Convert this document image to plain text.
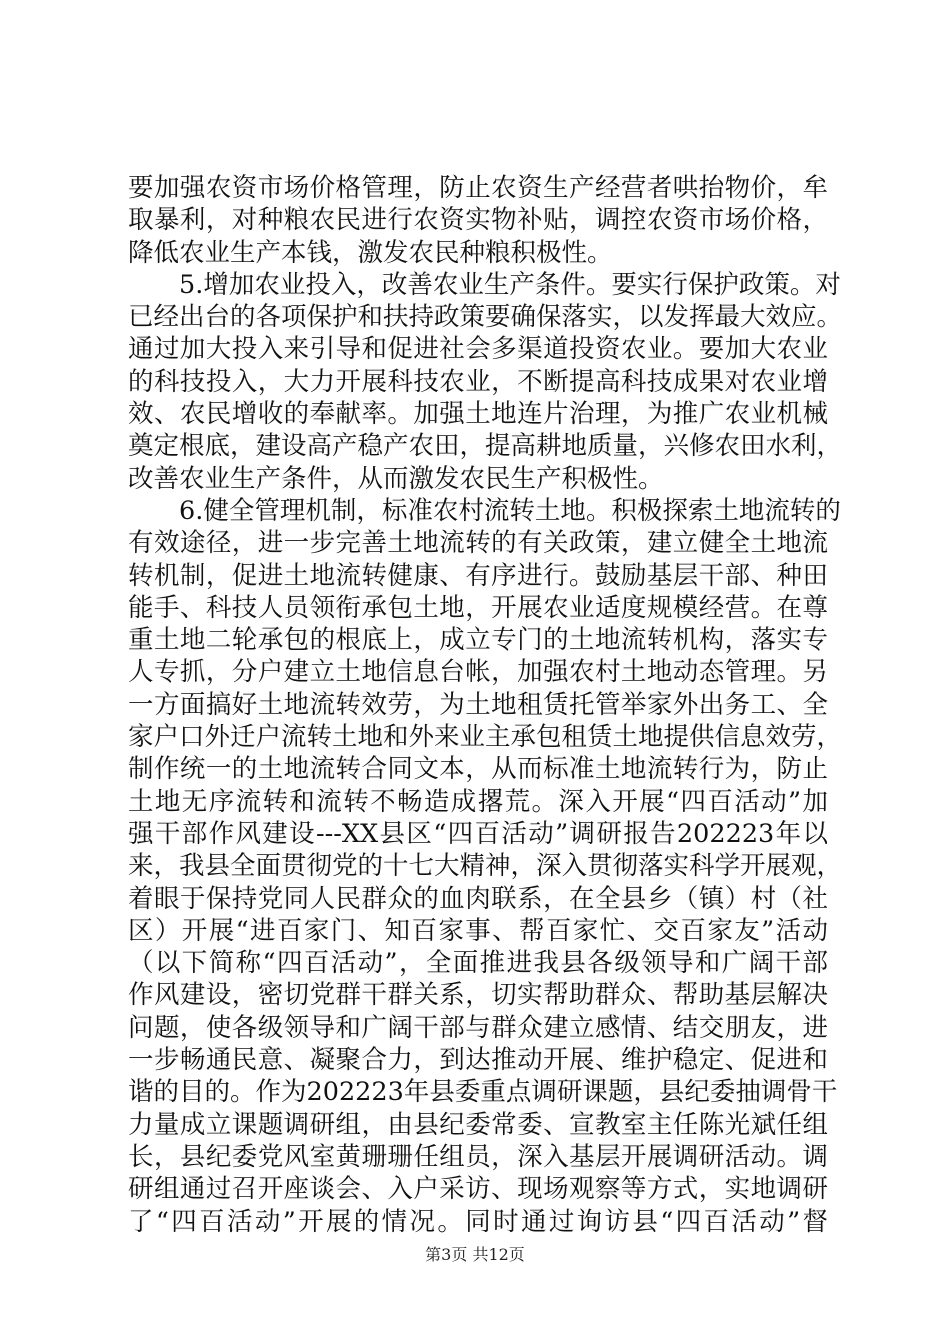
要加强农资市场价格管理，防止农资生产经营者哄抬物价，牟
取暴利，对种粮农民进行农资实物补贴，调控农资市场价格，
降低农业生产本钱，激发农民种粮积极性。
　　5.增加农业投入，改善农业生产条件。要实行保护政策。对
已经出台的各项保护和扶持政策要确保落实，以发挥最大效应。
通过加大投入来引导和促进社会多渠道投资农业。要加大农业
的科技投入，大力开展科技农业，不断提高科技成果对农业增
效、农民增收的奉献率。加强土地连片治理，为推广农业机械
奠定根底，建设高产稳产农田，提高耕地质量，兴修农田水利，
改善农业生产条件，从而激发农民生产积极性。
　　6.健全管理机制，标准农村流转土地。积极探索土地流转的
有效途径，进一步完善土地流转的有关政策，建立健全土地流
转机制，促进土地流转健康、有序进行。鼓励基层干部、种田
能手、科技人员领衔承包土地，开展农业适度规模经营。在尊
重土地二轮承包的根底上，成立专门的土地流转机构，落实专
人专抓，分户建立土地信息台帐，加强农村土地动态管理。另
一方面搞好土地流转效劳，为土地租赁托管举家外出务工、全
家户口外迁户流转土地和外来业主承包租赁土地提供信息效劳，
制作统一的土地流转合同文本，从而标准土地流转行为，防止
土地无序流转和流转不畅造成撂荒。深入开展“四百活动”加
强干部作风建设---XX县区“四百活动”调研报告202223年以
来，我县全面贯彻党的十七大精神，深入贯彻落实科学开展观，
着眼于保持党同人民群众的血肉联系，在全县乡（镇）村（社
区）开展“进百家门、知百家事、帮百家忙、交百家友”活动
（以下简称“四百活动”，全面推进我县各级领导和广阔干部
作风建设，密切党群干群关系，切实帮助群众、帮助基层解决
问题，使各级领导和广阔干部与群众建立感情、结交朋友，进
一步畅通民意、凝聚合力，到达推动开展、维护稳定、促进和
谐的目的。作为202223年县委重点调研课题，县纪委抽调骨干
力量成立课题调研组，由县纪委常委、宣教室主任陈光斌任组
长，县纪委党风室黄珊珊任组员，深入基层开展调研活动。调
研组通过召开座谈会、入户采访、现场观察等方式，实地调研
了“四百活动”开展的情况。同时通过询访县“四百活动”督
第3页 共12页
